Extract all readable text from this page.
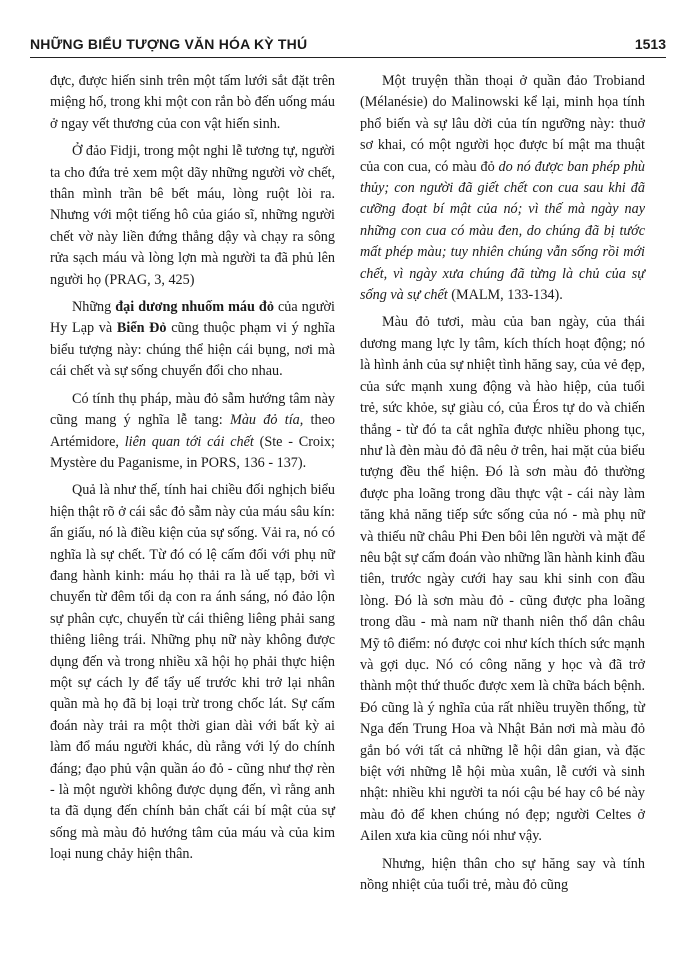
NHỮNG BIỂU TƯỢNG VĂN HÓA KỲ THÚ	1513

đực, được hiến sinh trên một tấm lưới sắt đặt trên miệng hố, trong khi một con rắn bò đến uống máu ở ngay vết thương của con vật hiến sinh.

Ở đảo Fidji, trong một nghi lễ tương tự, người ta cho đứa trẻ xem một dãy những người vờ chết, thân mình trần bê bết máu, lòng ruột lòi ra. Nhưng với một tiếng hô của giáo sĩ, những người chết vờ này liền đứng thẳng dậy và chạy ra sông rửa sạch máu và lòng lợn mà người ta đã phủ lên người họ (PRAG, 3, 425)

Những đại dương nhuốm máu đỏ của người Hy Lạp và Biển Đỏ cũng thuộc phạm vi ý nghĩa biểu tượng này: chúng thể hiện cái bụng, nơi mà cái chết và sự sống chuyển đổi cho nhau.

Có tính thụ pháp, màu đỏ sẫm hướng tâm này cũng mang ý nghĩa lễ tang: Màu đỏ tía, theo Artémidore, liên quan tới cái chết (Ste - Croix; Mystère du Paganisme, in PORS, 136 - 137).

Quả là như thế, tính hai chiều đối nghịch biểu hiện thật rõ ở cái sắc đỏ sẫm này của máu sâu kín: ẩn giấu, nó là điều kiện của sự sống. Vải ra, nó có nghĩa là sự chết. Từ đó có lệ cấm đối với phụ nữ đang hành kinh: máu họ thải ra là uế tạp, bởi vì chuyển từ đêm tối dạ con ra ánh sáng, nó đảo lộn sự phân cực, chuyển từ cái thiêng liêng phải sang thiêng liêng trái. Những phụ nữ này không được dụng đến và trong nhiều xã hội họ phải thực hiện một sự cách ly để tẩy uế trước khi trở lại nhân quần mà họ đã bị loại trừ trong chốc lát. Sự cấm đoán này trải ra một thời gian dài với bất kỳ ai làm đổ máu người khác, dù rằng với lý do chính đáng; đạo phủ vận quần áo đỏ - cũng như thợ rèn - là một người không được dụng đến, vì rằng anh ta đã dụng đến chính bản chất cái bí mật của sự sống mà màu đỏ hướng tâm của máu và của kim loại nung chảy hiện thân.

Một truyện thần thoại ở quần đảo Trobiand (Mélanésie) do Malinowski kể lại, minh họa tính phổ biến và sự lâu dời của tín ngưỡng này: thuở sơ khai, có một người học được bí mật ma thuật của con cua, có màu đỏ do nó được ban phép phù thủy; con người đã giết chết con cua sau khi đã cưỡng đoạt bí mật của nó; vì thế mà ngày nay những con cua có màu đen, do chúng đã bị tước mất phép màu; tuy nhiên chúng vẫn sống rồi mới chết, vì ngày xưa chúng đã từng là chủ của sự sống và sự chết (MALM, 133-134).

Màu đỏ tươi, màu của ban ngày, của thái dương mang lực ly tâm, kích thích hoạt động; nó là hình ảnh của sự nhiệt tình hăng say, của vẻ đẹp, của sức mạnh xung động và hào hiệp, của tuổi trẻ, sức khỏe, sự giàu có, của Éros tự do và chiến thắng - từ đó ta cắt nghĩa được nhiều phong tục, như là đèn màu đỏ đã nêu ở trên, hai mặt của biểu tượng đều thể hiện. Đó là sơn màu đỏ thường được pha loãng trong dầu thực vật - cái này làm tăng khả năng tiếp sức sống của nó - mà phụ nữ và thiếu nữ châu Phi Đen bôi lên người và mặt để nêu bật sự cấm đoán vào những lần hành kinh đầu tiên, trước ngày cưới hay sau khi sinh con đầu lòng. Đó là sơn màu đỏ - cũng được pha loãng trong dầu - mà nam nữ thanh niên thổ dân châu Mỹ tô điểm: nó được coi như kích thích sức mạnh và gợi dục. Nó có công năng y học và đã trở thành một thứ thuốc được xem là chữa bách bệnh. Đó cũng là ý nghĩa của rất nhiều truyền thống, từ Nga đến Trung Hoa và Nhật Bản nơi mà màu đỏ gắn bó với tất cả những lễ hội dân gian, và đặc biệt với những lễ hội mùa xuân, lễ cưới và sinh nhật: nhiều khi người ta nói cậu bé hay cô bé này màu đỏ để khen chúng nó đẹp; người Celtes ở Ailen xưa kia cũng nói như vậy.

Nhưng, hiện thân cho sự hăng say và tính nồng nhiệt của tuổi trẻ, màu đỏ cũng
